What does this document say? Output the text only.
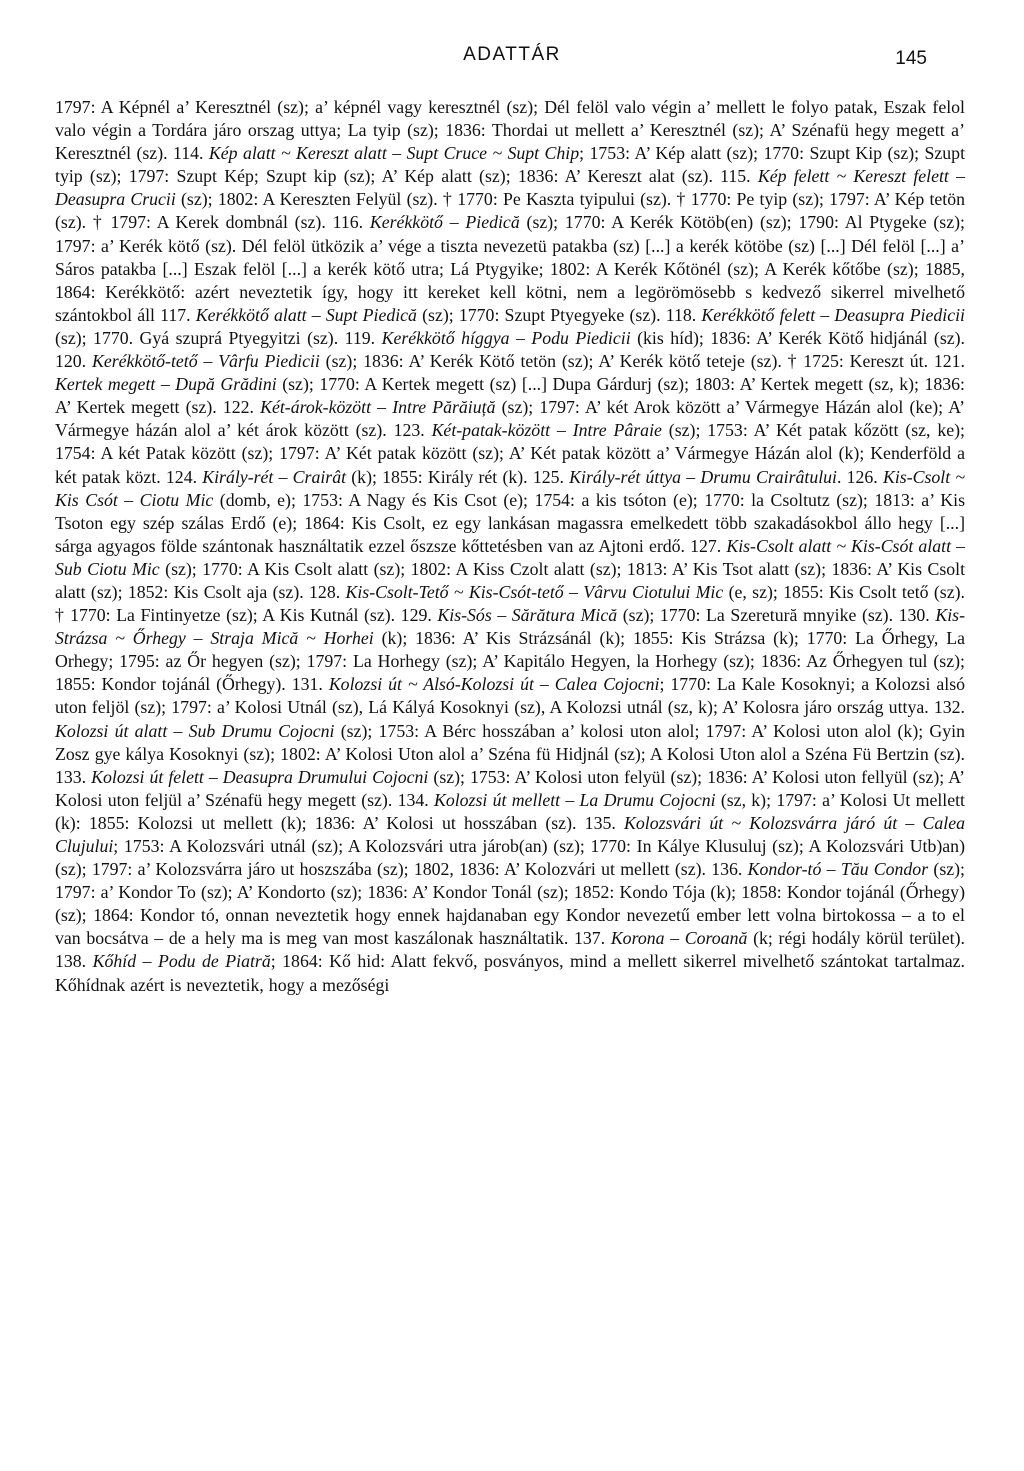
ADATTÁR	145
1797: A Képnél a’ Keresztnél (sz); a’ képnél vagy keresztnél (sz); Dél felöl valo végin a’ mellett le folyo patak, Eszak felol valo végin a Tordára járo orszag uttya; La tyip (sz); 1836: Thordai ut mellett a’ Keresztnél (sz); A’ Szénafü hegy megett a’ Keresztnél (sz). 114. Kép alatt ~ Kereszt alatt – Supt Cruce ~ Supt Chip; 1753: A’ Kép alatt (sz); 1770: Szupt Kip (sz); Szupt tyip (sz); 1797: Szupt Kép; Szupt kip (sz); A’ Kép alatt (sz); 1836: A’ Kereszt alat (sz). 115. Kép felett ~ Kereszt felett – Deasupra Crucii (sz); 1802: A Kereszten Felyül (sz). † 1770: Pe Kaszta tyipului (sz). † 1770: Pe tyip (sz); 1797: A’ Kép tetön (sz). † 1797: A Kerek dombnál (sz). 116. Kerékkötő – Piedică (sz); 1770: A Kerék Kötöb(en) (sz); 1790: Al Ptygeke (sz); 1797: a’ Kerék kötő (sz). Dél felöl ütközik a’ vége a tiszta nevezetü patakba (sz) [...] a kerék kötöbe (sz) [...] Dél felöl [...] a’ Sáros patakba [...] Eszak felöl [...] a kerék kötő utra; Lá Ptygyike; 1802: A Kerék Kőtönél (sz); A Kerék kőtőbe (sz); 1885, 1864: Kerékkötő: azért neveztetik így, hogy itt kereket kell kötni, nem a legörömösebb s kedvező sikerrel mivelhető szántokbol áll 117. Kerékkötő alatt – Supt Piedică (sz); 1770: Szupt Ptyegyeke (sz). 118. Kerékkötő felett – Deasupra Piedicii (sz); 1770. Gyá szuprá Ptyegyitzi (sz). 119. Kerékkötő híggya – Podu Piedicii (kis híd); 1836: A’ Kerék Kötő hidjánál (sz). 120. Kerékkötő-tető – Vârfu Piedicii (sz); 1836: A’ Kerék Kötő tetön (sz); A’ Kerék kötő teteje (sz). † 1725: Kereszt út. 121. Kertek megett – După Grădini (sz); 1770: A Kertek megett (sz) [...] Dupa Gárdurj (sz); 1803: A’ Kertek megett (sz, k); 1836: A’ Kertek megett (sz). 122. Két-árok-között – Intre Părăiuță (sz); 1797: A’ két Arok között a’ Vármegye Házán alol (ke); A’ Vármegye házán alol a’ két árok között (sz). 123. Két-patak-között – Intre Pâraie (sz); 1753: A’ Két patak kőzött (sz, ke); 1754: A két Patak között (sz); 1797: A’ Két patak között (sz); A’ Két patak között a’ Vármegye Házán alol (k); Kenderföld a két patak közt. 124. Király-rét – Crairât (k); 1855: Király rét (k). 125. Király-rét úttya – Drumu Crairâtului. 126. Kis-Csolt ~ Kis Csót – Ciotu Mic (domb, e); 1753: A Nagy és Kis Csot (e); 1754: a kis tsóton (e); 1770: la Csoltutz (sz); 1813: a’ Kis Tsoton egy szép szálas Erdő (e); 1864: Kis Csolt, ez egy lankásan magassra emelkedett több szakadásokbol állo hegy [...] sárga agyagos földe szántonak használtatik ezzel őszsze kőttetésben van az Ajtoni erdő. 127. Kis-Csolt alatt ~ Kis-Csót alatt – Sub Ciotu Mic (sz); 1770: A Kis Csolt alatt (sz); 1802: A Kiss Czolt alatt (sz); 1813: A’ Kis Tsot alatt (sz); 1836: A’ Kis Csolt alatt (sz); 1852: Kis Csolt aja (sz). 128. Kis-Csolt-Tető ~ Kis-Csót-tető – Vârvu Ciotului Mic (e, sz); 1855: Kis Csolt tető (sz). † 1770: La Fintinyetze (sz); A Kis Kutnál (sz). 129. Kis-Sós – Sărătura Mică (sz); 1770: La Szeretură mnyike (sz). 130. Kis-Strázsa ~ Őrhegy – Straja Mică ~ Horhei (k); 1836: A’ Kis Strázsánál (k); 1855: Kis Strázsa (k); 1770: La Őrhegy, La Orhegy; 1795: az Őr hegyen (sz); 1797: La Horhegy (sz); A’ Kapitálo Hegyen, la Horhegy (sz); 1836: Az Őrhegyen tul (sz); 1855: Kondor tojánál (Őrhegy). 131. Kolozsi út ~ Alsó-Kolozsi út – Calea Cojocni; 1770: La Kale Kosoknyi; a Kolozsi alsó uton feljöl (sz); 1797: a’ Kolosi Utnál (sz), Lá Kályá Kosoknyi (sz), A Kolozsi utnál (sz, k); A’ Kolosra járo ország uttya. 132. Kolozsi út alatt – Sub Drumu Cojocni (sz); 1753: A Bérc hosszában a’ kolosi uton alol; 1797: A’ Kolosi uton alol (k); Gyin Zosz gye kálya Kosoknyi (sz); 1802: A’ Kolosi Uton alol a’ Széna fü Hidjnál (sz); A Kolosi Uton alol a Széna Fü Bertzin (sz). 133. Kolozsi út felett – Deasupra Drumului Cojocni (sz); 1753: A’ Kolosi uton felyül (sz); 1836: A’ Kolosi uton fellyül (sz); A’ Kolosi uton feljül a’ Szénafü hegy megett (sz). 134. Kolozsi út mellett – La Drumu Cojocni (sz, k); 1797: a’ Kolosi Ut mellett (k): 1855: Kolozsi ut mellett (k); 1836: A’ Kolosi ut hosszában (sz). 135. Kolozsvári út ~ Kolozsvárra járó út – Calea Clujului; 1753: A Kolozsvári utnál (sz); A Kolozsvári utra járob(an) (sz); 1770: In Kálye Klusuluj (sz); A Kolozsvári Utb)an) (sz); 1797: a’ Kolozsvárra járo ut hoszszába (sz); 1802, 1836: A’ Kolozvári ut mellett (sz). 136. Kondor-tó – Tău Condor (sz); 1797: a’ Kondor To (sz); A’ Kondorto (sz); 1836: A’ Kondor Tonál (sz); 1852: Kondo Tója (k); 1858: Kondor tojánál (Őrhegy) (sz); 1864: Kondor tó, onnan neveztetik hogy ennek hajdanaban egy Kondor nevezetű ember lett volna birtokossa – a to el van bocsátva – de a hely ma is meg van most kaszálonak használtatik. 137. Korona – Coroană (k; régi hodály körül terület). 138. Kőhíd – Podu de Piatră; 1864: Kő hid: Alatt fekvő, posványos, mind a mellett sikerrel mivelhető szántokat tartalmaz. Kőhídnak azért is neveztetik, hogy a mezőségi
